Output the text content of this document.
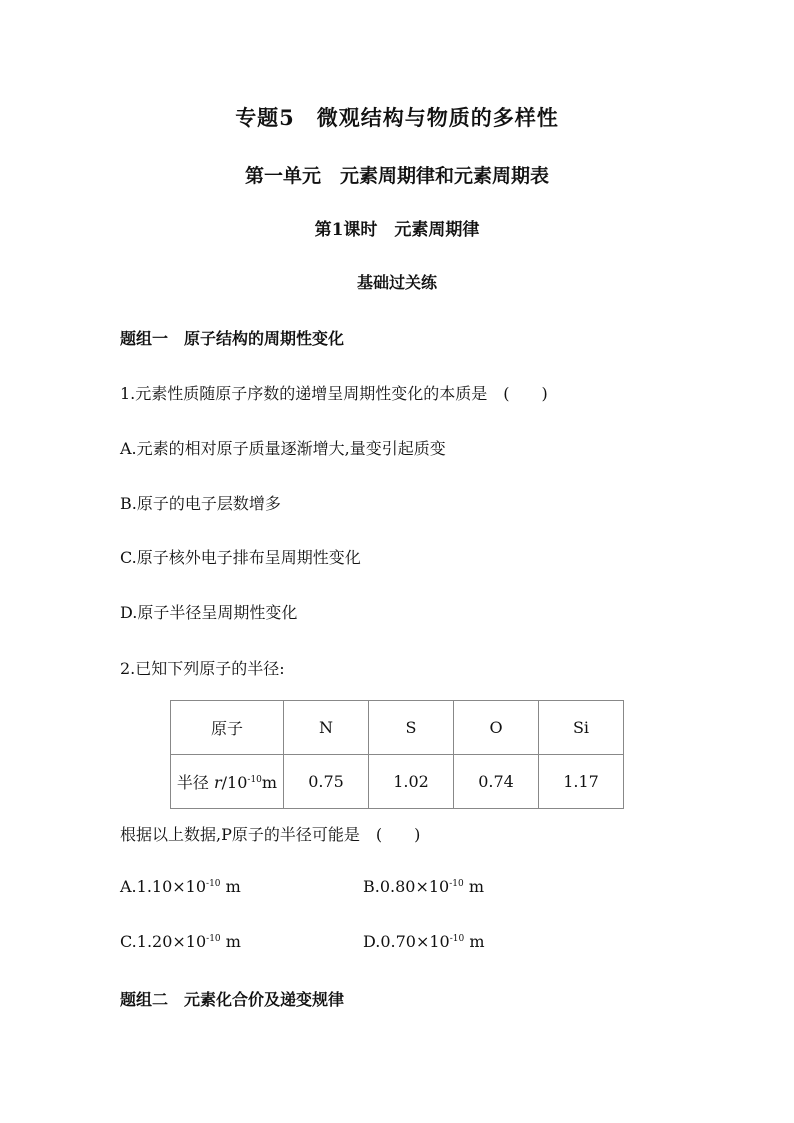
专题5　微观结构与物质的多样性
第一单元　元素周期律和元素周期表
第1课时　元素周期律
基础过关练
题组一　原子结构的周期性变化
1.元素性质随原子序数的递增呈周期性变化的本质是　(　　)
A.元素的相对原子质量逐渐增大,量变引起质变
B.原子的电子层数增多
C.原子核外电子排布呈周期性变化
D.原子半径呈周期性变化
2.已知下列原子的半径:
原子	N	S	O	Si
半径 $r/10^{-10}m$	0.75	1.02	0.74	1.17
根据以上数据,P原子的半径可能是　(　　)
$A.1.10\times 10^{-10}$ m	$B.0.80\times 10^{-10}$ m
$C.1.20\times 10^{-10}$ m	$D.0.70\times 10^{-10}$ m
题组二　元素化合价及递变规律
